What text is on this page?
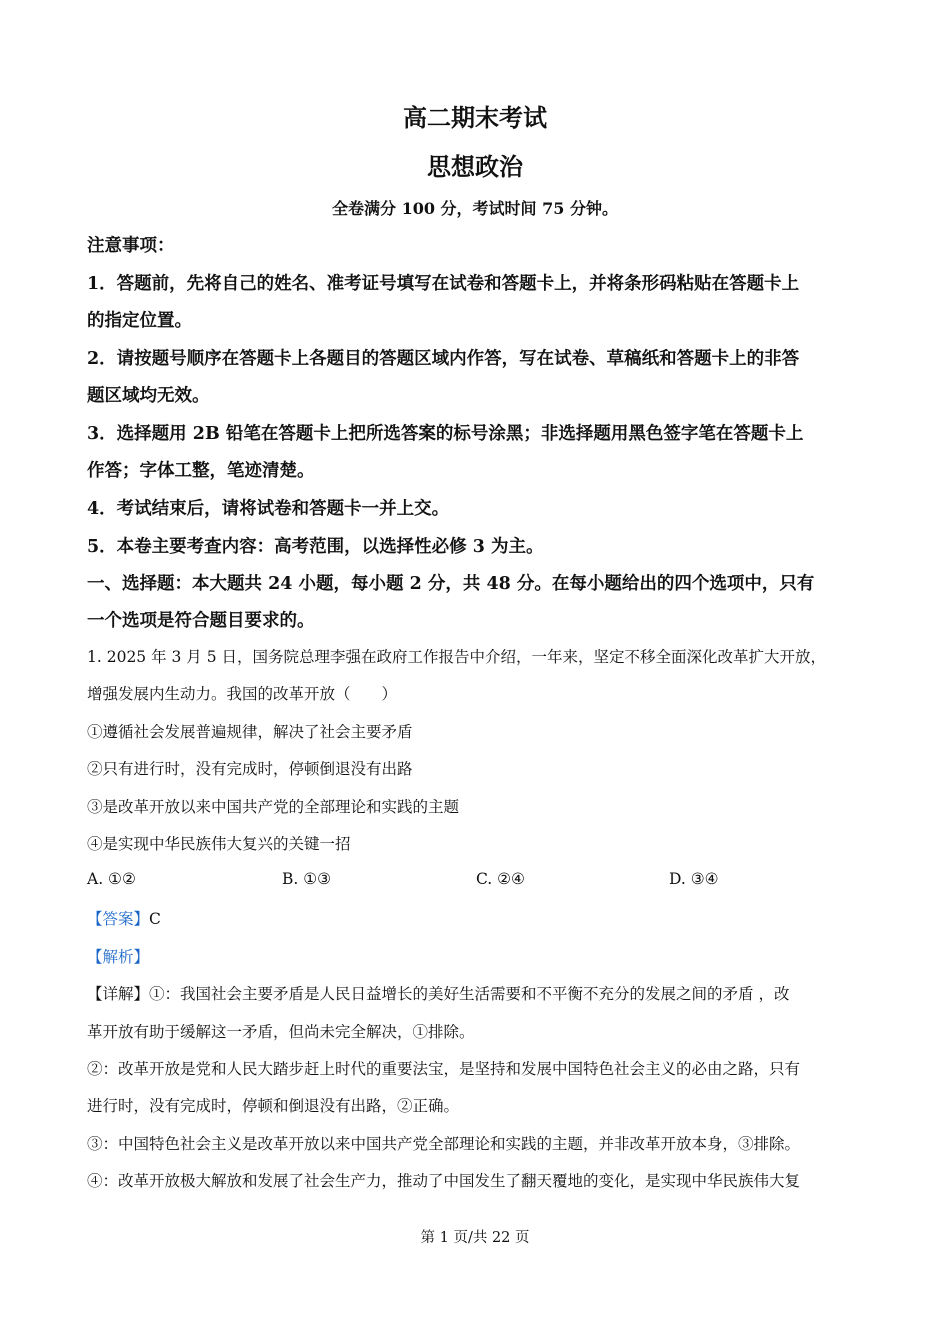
高二期末考试
思想政治
全卷满分 100 分，考试时间 75 分钟。
注意事项：
1．答题前，先将自己的姓名、准考证号填写在试卷和答题卡上，并将条形码粘贴在答题卡上
的指定位置。
2．请按题号顺序在答题卡上各题目的答题区域内作答，写在试卷、草稿纸和答题卡上的非答
题区域均无效。
3．选择题用 2B 铅笔在答题卡上把所选答案的标号涂黑；非选择题用黑色签字笔在答题卡上
作答；字体工整，笔迹清楚。
4．考试结束后，请将试卷和答题卡一并上交。
5．本卷主要考查内容：高考范围，以选择性必修 3 为主。
一、选择题：本大题共 24 小题，每小题 2 分，共 48 分。在每小题给出的四个选项中，只有
一个选项是符合题目要求的。
1. 2025 年 3 月 5 日，国务院总理李强在政府工作报告中介绍，一年来，坚定不移全面深化改革扩大开放，
增强发展内生动力。我国的改革开放（　　）
①遵循社会发展普遍规律，解决了社会主要矛盾
②只有进行时，没有完成时，停顿倒退没有出路
③是改革开放以来中国共产党的全部理论和实践的主题
④是实现中华民族伟大复兴的关键一招
A. ①②	B. ①③	C. ②④	D. ③④
【答案】C
【解析】
【详解】①：我国社会主要矛盾是人民日益增长的美好生活需要和不平衡不充分的发展之间的矛盾 ，改
革开放有助于缓解这一矛盾，但尚未完全解决，①排除。
②：改革开放是党和人民大踏步赶上时代的重要法宝，是坚持和发展中国特色社会主义的必由之路，只有
进行时，没有完成时，停顿和倒退没有出路，②正确。
③：中国特色社会主义是改革开放以来中国共产党全部理论和实践的主题，并非改革开放本身，③排除。
④：改革开放极大解放和发展了社会生产力，推动了中国发生了翻天覆地的变化，是实现中华民族伟大复
第 1 页/共 22 页
